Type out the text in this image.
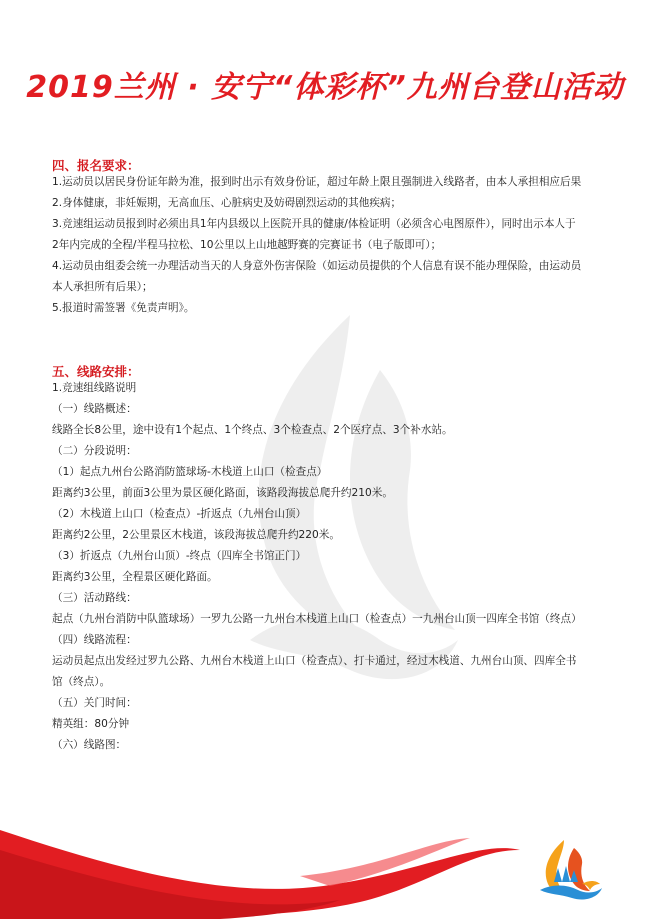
2019兰州 · 安宁“体彩杯”九州台登山活动
四、报名要求：

1.运动员以居民身份证年龄为准，报到时出示有效身份证，超过年龄上限且强制进入线路者，由本人承担相应后果

2.身体健康，非妊娠期，无高血压、心脏病史及妨碍剧烈运动的其他疾病；

3.竞速组运动员报到时必须出具1年内县级以上医院开具的健康/体检证明（必须含心电图原件），同时出示本人于

2年内完成的全程/半程马拉松、10公里以上山地越野赛的完赛证书（电子版即可）；

4.运动员由组委会统一办理活动当天的人身意外伤害保险（如运动员提供的个人信息有误不能办理保险，由运动员

本人承担所有后果）；

5.报道时需签署《免责声明》。

五、线路安排：

1.竞速组线路说明

（一）线路概述：

线路全长8公里，途中设有1个起点、1个终点、3个检查点、2个医疗点、3个补水站。

（二）分段说明：

（1）起点九州台公路消防篮球场-木栈道上山口（检查点）

距离约3公里，前面3公里为景区硬化路面，该路段海拔总爬升约210米。

（2）木栈道上山口（检查点）-折返点（九州台山顶）

距离约2公里，2公里景区木栈道，该段海拔总爬升约220米。

（3）折返点（九州台山顶）-终点（四库全书馆正门）

距离约3公里，全程景区硬化路面。

（三）活动路线：

起点（九州台消防中队篮球场）一罗九公路一九州台木栈道上山口（检查点）一九州台山顶一四库全书馆（终点）

（四）线路流程：

运动员起点出发经过罗九公路、九州台木栈道上山口（检查点）、打卡通过，经过木栈道、九州台山顶、四库全书

馆（终点）。

（五）关门时间：

精英组：80分钟

（六）线路图：
